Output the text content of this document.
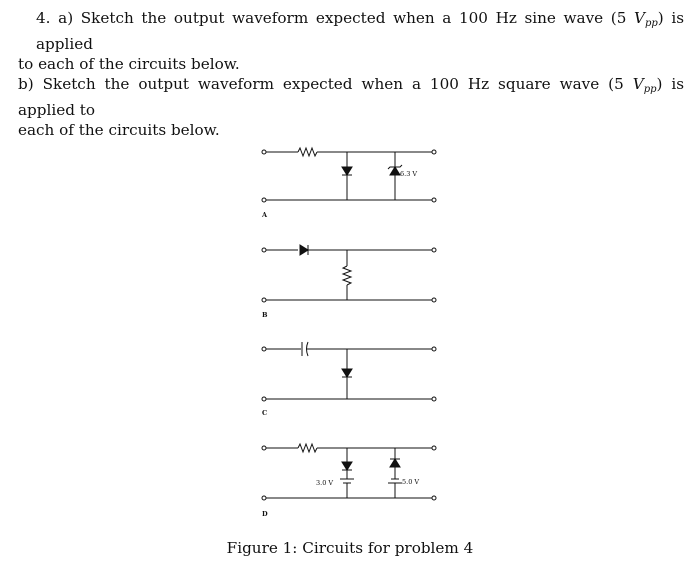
4. a) Sketch the output waveform expected when a 100 Hz sine wave (5 $V_{pp}$) is applied

to each of the circuits below.

b) Sketch the output waveform expected when a 100 Hz square wave (5 $V_{pp}$) is applied to

each of the circuits below.

6.3 V
A
B
C
3.0 V	5.0 V
D
Figure 1: Circuits for problem 4
